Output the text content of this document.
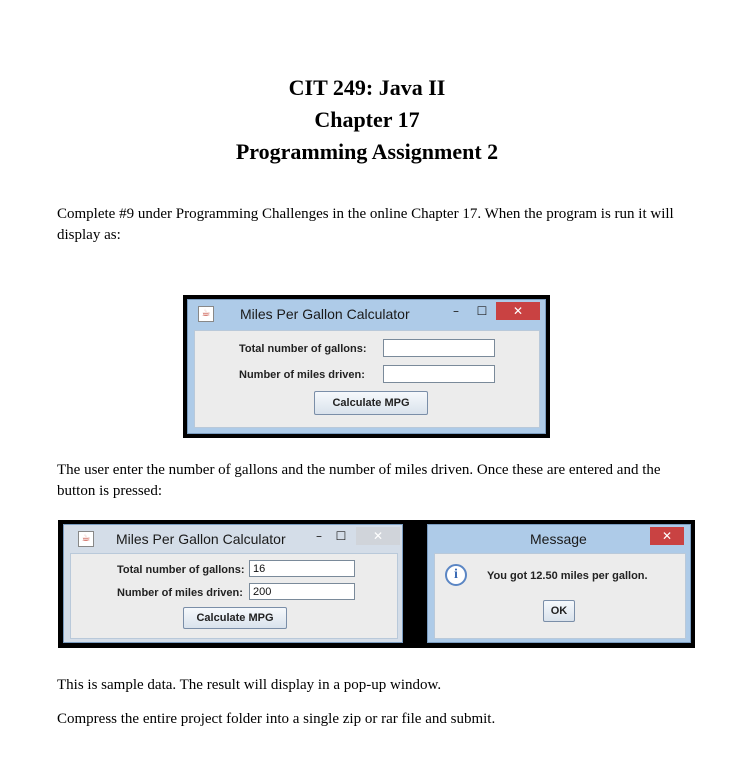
CIT 249: Java II
Chapter 17
Programming Assignment 2
Complete #9 under Programming Challenges in the online Chapter 17. When the program is run it will display as:
☕ Miles Per Gallon Calculator	–	☐	✕
Total number of gallons:
Number of miles driven:
Calculate MPG
The user enter the number of gallons and the number of miles driven. Once these are entered and the button is pressed:
☕ Miles Per Gallon Calculator	–	☐	✕
Total number of gallons: 16
Number of miles driven: 200
Calculate MPG
Message	✕
i	You got 12.50 miles per gallon.
OK
This is sample data. The result will display in a pop-up window.
Compress the entire project folder into a single zip or rar file and submit.
